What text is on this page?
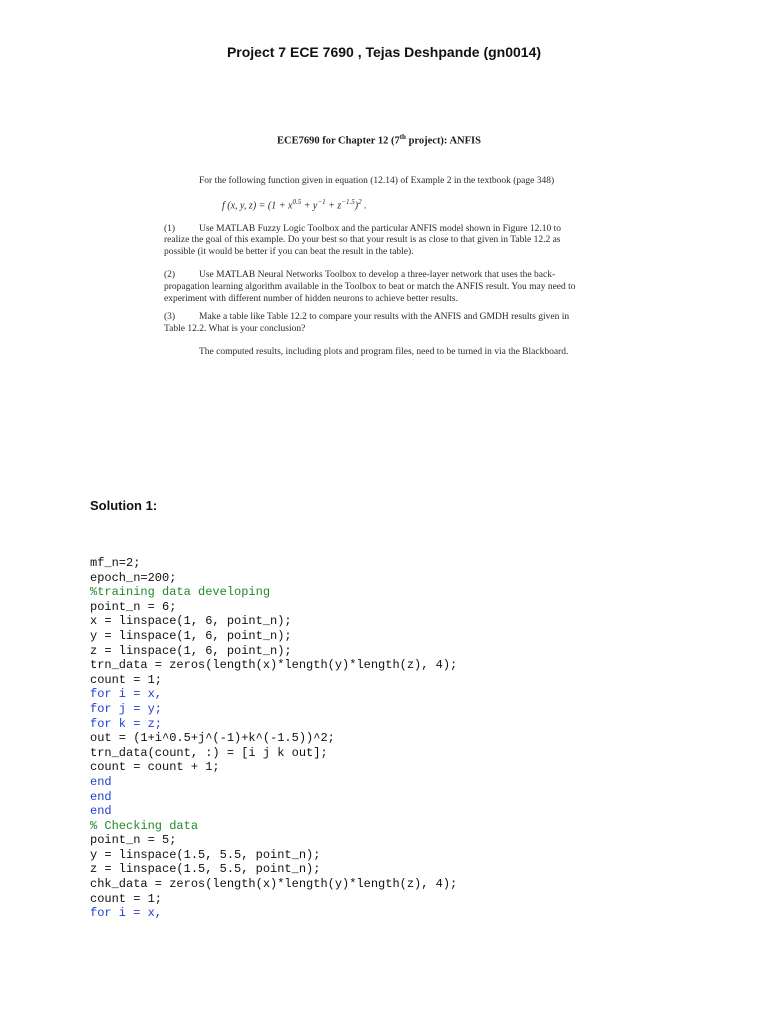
Project 7 ECE 7690 , Tejas Deshpande (gn0014)
ECE7690 for Chapter 12 (7th project): ANFIS

For the following function given in equation (12.14) of Example 2 in the textbook (page 348)

f (x, y, $z) = (1 + x^{0.5} + y^{-1} + z^{-1.5})^2$ .

(1)	Use MATLAB Fuzzy Logic Toolbox and the particular ANFIS model shown in Figure 12.10 to realize the goal of this example. Do your best so that your result is as close to that given in Table 12.2 as possible (it would be better if you can beat the result in the table).

(2)	Use MATLAB Neural Networks Toolbox to develop a three-layer network that uses the back-propagation learning algorithm available in the Toolbox to beat or match the ANFIS result. You may need to experiment with different number of hidden neurons to achieve better results.

(3)	Make a table like Table 12.2 to compare your results with the ANFIS and GMDH results given in Table 12.2. What is your conclusion?

The computed results, including plots and program files, need to be turned in via the Blackboard.

Solution 1:
mf_n=2;
epoch_n=200;
%training data developing
point_n = 6;
x = linspace(1, 6, point_n);
y = linspace(1, 6, point_n);
z = linspace(1, 6, point_n);
trn_data = zeros(length(x)*length(y)*length(z), 4);
count = 1;
for i = x,
for j = y;
for k = z;
out = (1+i^0.5+j^(-1)+k^(-1.5))^2;
trn_data(count, :) = [i j k out];
count = count + 1;
end
end
end
% Checking data
point_n = 5;
y = linspace(1.5, 5.5, point_n);
z = linspace(1.5, 5.5, point_n);
chk_data = zeros(length(x)*length(y)*length(z), 4);
count = 1;
for i = x,
